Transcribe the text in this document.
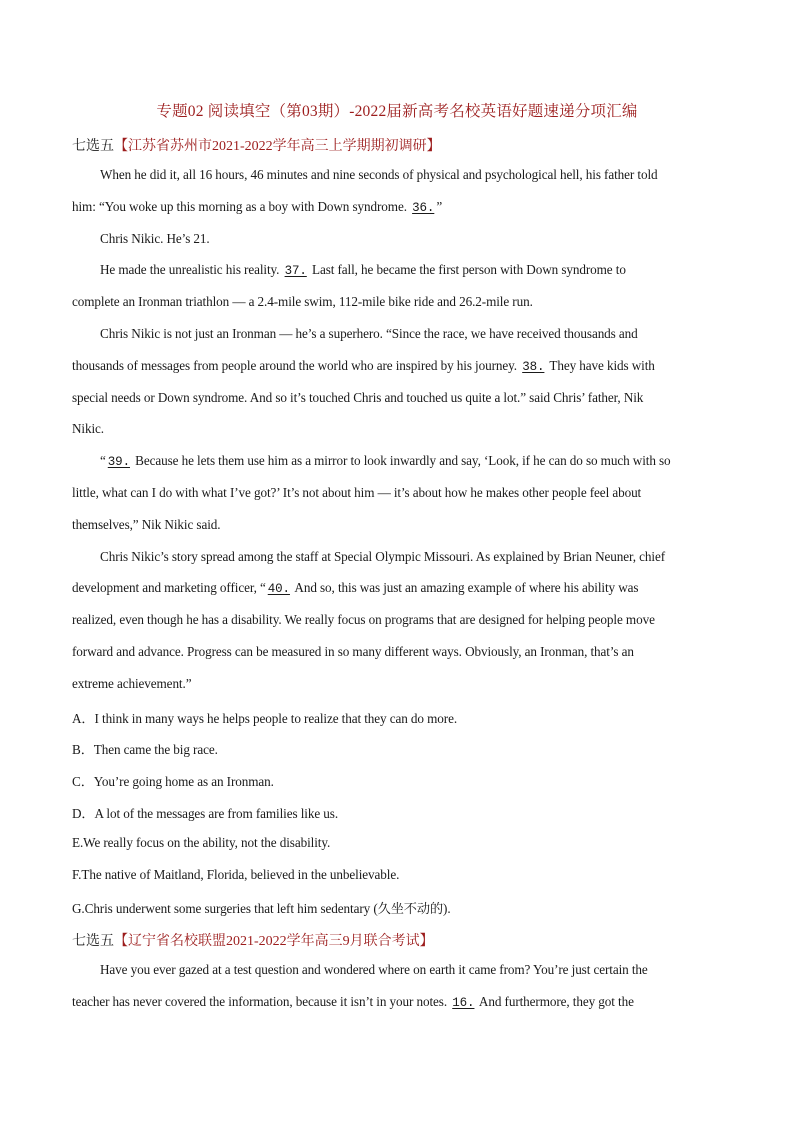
专题02 阅读填空（第03期）-2022届新高考名校英语好题速递分项汇编
七选五【江苏省苏州市2021-2022学年高三上学期期初调研】
When he did it, all 16 hours, 46 minutes and nine seconds of physical and psychological hell, his father told
him: “You woke up this morning as a boy with Down syndrome. 36. ”
Chris Nikic. He’s 21.
He made the unrealistic his reality. 37. Last fall, he became the first person with Down syndrome to
complete an Ironman triathlon — a 2.4-mile swim, 112-mile bike ride and 26.2-mile run.
Chris Nikic is not just an Ironman — he’s a superhero. “Since the race, we have received thousands and
thousands of messages from people around the world who are inspired by his journey. 38. They have kids with
special needs or Down syndrome. And so it’s touched Chris and touched us quite a lot.” said Chris’ father, Nik
Nikic.
“ 39. Because he lets them use him as a mirror to look inwardly and say, ‘Look, if he can do so much with so
little, what can I do with what I’ve got?’ It’s not about him — it’s about how he makes other people feel about
themselves,” Nik Nikic said.
Chris Nikic’s story spread among the staff at Special Olympic Missouri. As explained by Brian Neuner, chief
development and marketing officer, “ 40. And so, this was just an amazing example of where his ability was
realized, even though he has a disability. We really focus on programs that are designed for helping people move
forward and advance. Progress can be measured in so many different ways. Obviously, an Ironman, that’s an
extreme achievement.”
A．I think in many ways he helps people to realize that they can do more.
B．Then came the big race.
C．You’re going home as an Ironman.
D．A lot of the messages are from families like us.
E.We really focus on the ability, not the disability.
F.The native of Maitland, Florida, believed in the unbelievable.
G.Chris underwent some surgeries that left him sedentary (久坐不动的).
七选五【辽宁省名校联盟2021-2022学年高三9月联合考试】
Have you ever gazed at a test question and wondered where on earth it came from? You’re just certain the
teacher has never covered the information, because it isn’t in your notes. 16. And furthermore, they got the
